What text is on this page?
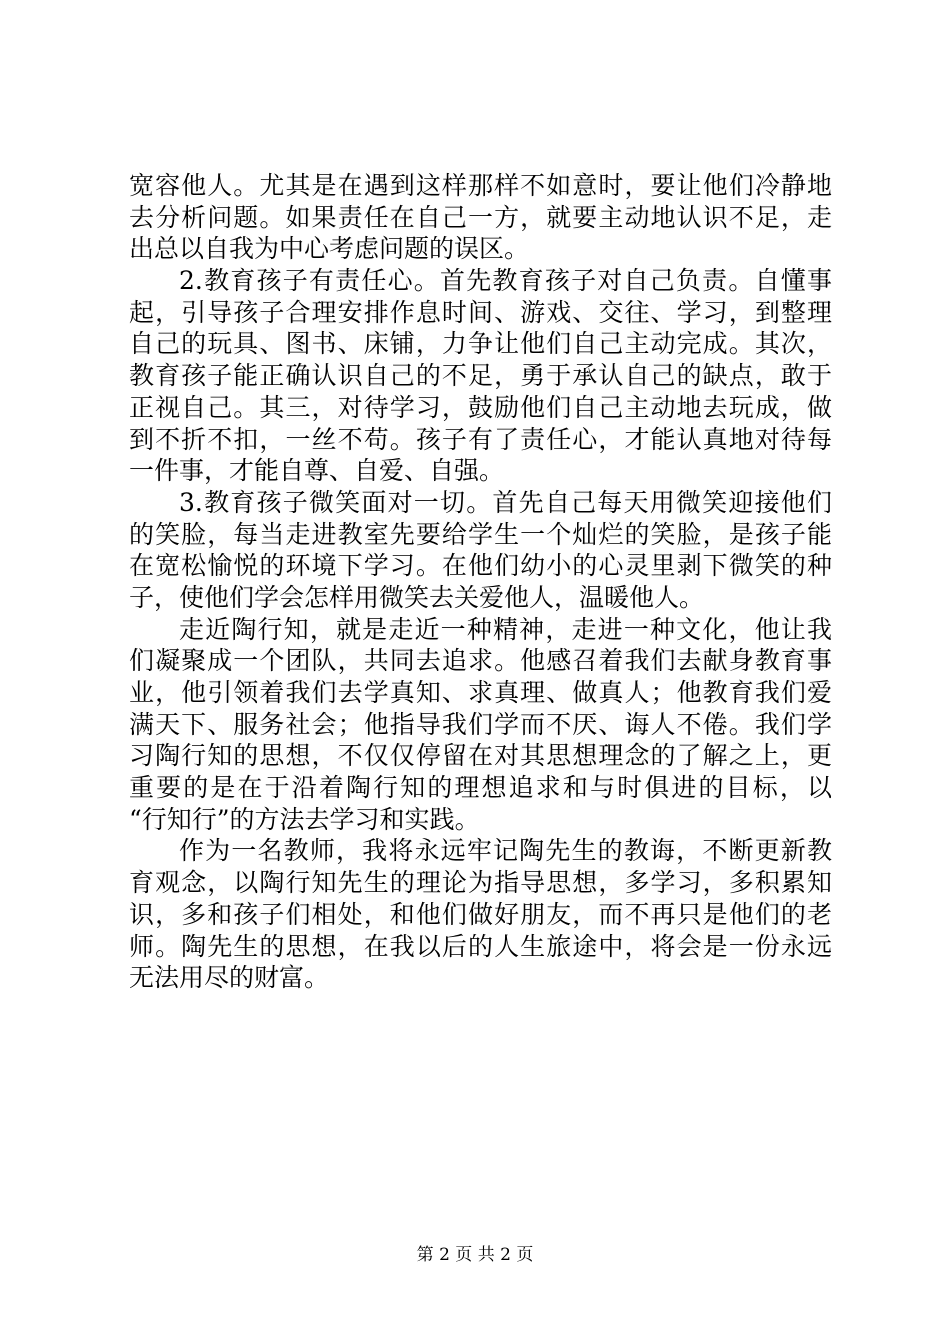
宽容他人。尤其是在遇到这样那样不如意时，要让他们冷静地
去分析问题。如果责任在自己一方，就要主动地认识不足，走
出总以自我为中心考虑问题的误区。
2.教育孩子有责任心。首先教育孩子对自己负责。自懂事
起，引导孩子合理安排作息时间、游戏、交往、学习，到整理
自己的玩具、图书、床铺，力争让他们自己主动完成。其次，
教育孩子能正确认识自己的不足，勇于承认自己的缺点，敢于
正视自己。其三，对待学习，鼓励他们自己主动地去玩成，做
到不折不扣，一丝不苟。孩子有了责任心，才能认真地对待每
一件事，才能自尊、自爱、自强。
3.教育孩子微笑面对一切。首先自己每天用微笑迎接他们
的笑脸，每当走进教室先要给学生一个灿烂的笑脸，是孩子能
在宽松愉悦的环境下学习。在他们幼小的心灵里剥下微笑的种
子，使他们学会怎样用微笑去关爱他人，温暖他人。
走近陶行知，就是走近一种精神，走进一种文化，他让我
们凝聚成一个团队，共同去追求。他感召着我们去献身教育事
业，他引领着我们去学真知、求真理、做真人；他教育我们爱
满天下、服务社会；他指导我们学而不厌、诲人不倦。我们学
习陶行知的思想，不仅仅停留在对其思想理念的了解之上，更
重要的是在于沿着陶行知的理想追求和与时俱进的目标，以
“行知行”的方法去学习和实践。
作为一名教师，我将永远牢记陶先生的教诲，不断更新教
育观念，以陶行知先生的理论为指导思想，多学习，多积累知
识，多和孩子们相处，和他们做好朋友，而不再只是他们的老
师。陶先生的思想，在我以后的人生旅途中，将会是一份永远
无法用尽的财富。
第 2 页 共 2 页
